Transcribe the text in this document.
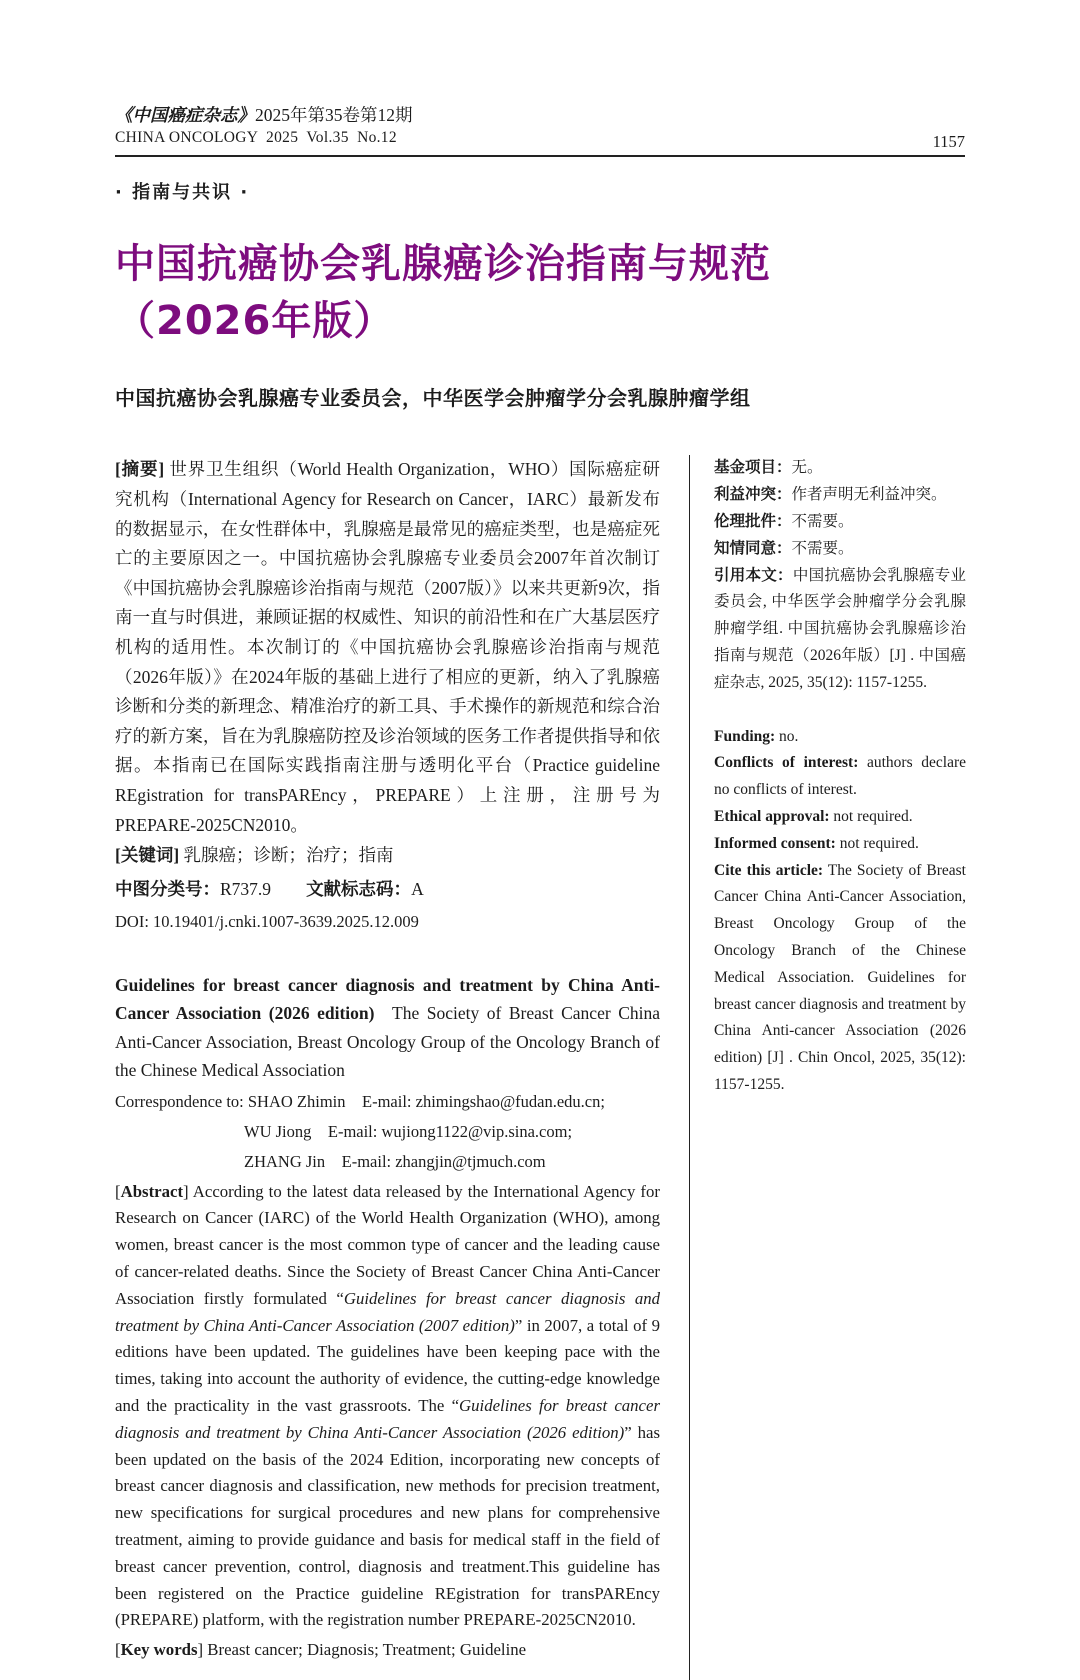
《中国癌症杂志》2025年第35卷第12期
CHINA ONCOLOGY  2025  Vol.35  No.12	1157
· 指南与共识 ·
中国抗癌协会乳腺癌诊治指南与规范（2026年版）
中国抗癌协会乳腺癌专业委员会，中华医学会肿瘤学分会乳腺肿瘤学组

[摘要] 世界卫生组织（World Health Organization，WHO）国际癌症研究机构（International Agency for Research on Cancer，IARC）最新发布的数据显示，在女性群体中，乳腺癌是最常见的癌症类型，也是癌症死亡的主要原因之一。中国抗癌协会乳腺癌专业委员会2007年首次制订《中国抗癌协会乳腺癌诊治指南与规范（2007版）》以来共更新9次，指南一直与时俱进，兼顾证据的权威性、知识的前沿性和在广大基层医疗机构的适用性。本次制订的《中国抗癌协会乳腺癌诊治指南与规范（2026年版）》在2024年版的基础上进行了相应的更新，纳入了乳腺癌诊断和分类的新理念、精准治疗的新工具、手术操作的新规范和综合治疗的新方案，旨在为乳腺癌防控及诊治领域的医务工作者提供指导和依据。本指南已在国际实践指南注册与透明化平台（Practice guideline REgistration for transPAREncy，PREPARE）上注册，注册号为PREPARE-2025CN2010。

[关键词] 乳腺癌；诊断；治疗；指南

中图分类号：R737.9　　文献标志码：A
DOI: 10.19401/j.cnki.1007-3639.2025.12.009

Guidelines for breast cancer diagnosis and treatment by China Anti-Cancer Association (2026 edition) The Society of Breast Cancer China Anti-Cancer Association, Breast Oncology Group of the Oncology Branch of the Chinese Medical Association

Correspondence to: SHAO Zhimin　E-mail: zhimingshao@fudan.edu.cn;
WU Jiong　E-mail: wujiong1122@vip.sina.com;
ZHANG Jin　E-mail: zhangjin@tjmuch.com

[Abstract] According to the latest data released by the International Agency for Research on Cancer (IARC) of the World Health Organization (WHO), among women, breast cancer is the most common type of cancer and the leading cause of cancer-related deaths. Since the Society of Breast Cancer China Anti-Cancer Association firstly formulated “Guidelines for breast cancer diagnosis and treatment by China Anti-Cancer Association (2007 edition)” in 2007, a total of 9 editions have been updated. The guidelines have been keeping pace with the times, taking into account the authority of evidence, the cutting-edge knowledge and the practicality in the vast grassroots. The “Guidelines for breast cancer diagnosis and treatment by China Anti-Cancer Association (2026 edition)” has been updated on the basis of the 2024 Edition, incorporating new concepts of breast cancer diagnosis and classification, new methods for precision treatment, new specifications for surgical procedures and new plans for comprehensive treatment, aiming to provide guidance and basis for medical staff in the field of breast cancer prevention, control, diagnosis and treatment.This guideline has been registered on the Practice guideline REgistration for transPAREncy (PREPARE) platform, with the registration number PREPARE-2025CN2010.

[Key words] Breast cancer; Diagnosis; Treatment; Guideline

基金项目：无。

利益冲突：作者声明无利益冲突。

伦理批件：不需要。

知情同意：不需要。

引用本文：中国抗癌协会乳腺癌专业委员会, 中华医学会肿瘤学分会乳腺肿瘤学组. 中国抗癌协会乳腺癌诊治指南与规范（2026年版）[J] . 中国癌症杂志, 2025, 35(12): 1157-1255.

Funding: no.

Conflicts of interest: authors declare no conflicts of interest.

Ethical approval: not required.

Informed consent: not required.

Cite this article: The Society of Breast Cancer China Anti-Cancer Association, Breast Oncology Group of the Oncology Branch of the Chinese Medical Association. Guidelines for breast cancer diagnosis and treatment by China Anti-cancer Association (2026 edition) [J] . Chin Oncol, 2025, 35(12): 1157-1255.
